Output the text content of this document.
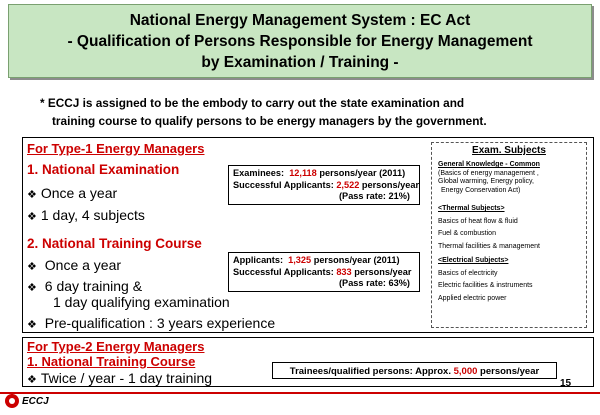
National Energy Management System : EC Act
- Qualification of Persons Responsible for Energy Management
by Examination / Training -
* ECCJ is assigned to be the embody to carry out the state examination and
training course to qualify persons to be energy managers by the government.
For Type-1 Energy Managers
1. National Examination
❖ Once a year
❖ 1 day, 4 subjects
Examinees: 12,118 persons/year (2011)
Successful Applicants: 2,522 persons/year
(Pass rate: 21%)
2. National Training Course
❖ Once a year
❖ 6 day training &
1 day qualifying examination
❖ Pre-qualification : 3 years experience
Applicants: 1,325 persons/year (2011)
Successful Applicants: 833 persons/year
(Pass rate: 63%)
Exam. Subjects
General Knowledge - Common
(Basics of energy management ,
Global warming, Energy policy,
Energy Conservation Act)
<Thermal Subjects>
Basics of heat flow & fluid
Fuel & combustion
Thermal facilities & management
<Electrical Subjects>
Basics of electricity
Electric facilities & instruments
Applied electric power
For Type-2 Energy Managers
1. National Training Course
❖ Twice / year - 1 day training	Trainees/qualified persons: Approx. 5,000 persons/year
ECCJ
15
